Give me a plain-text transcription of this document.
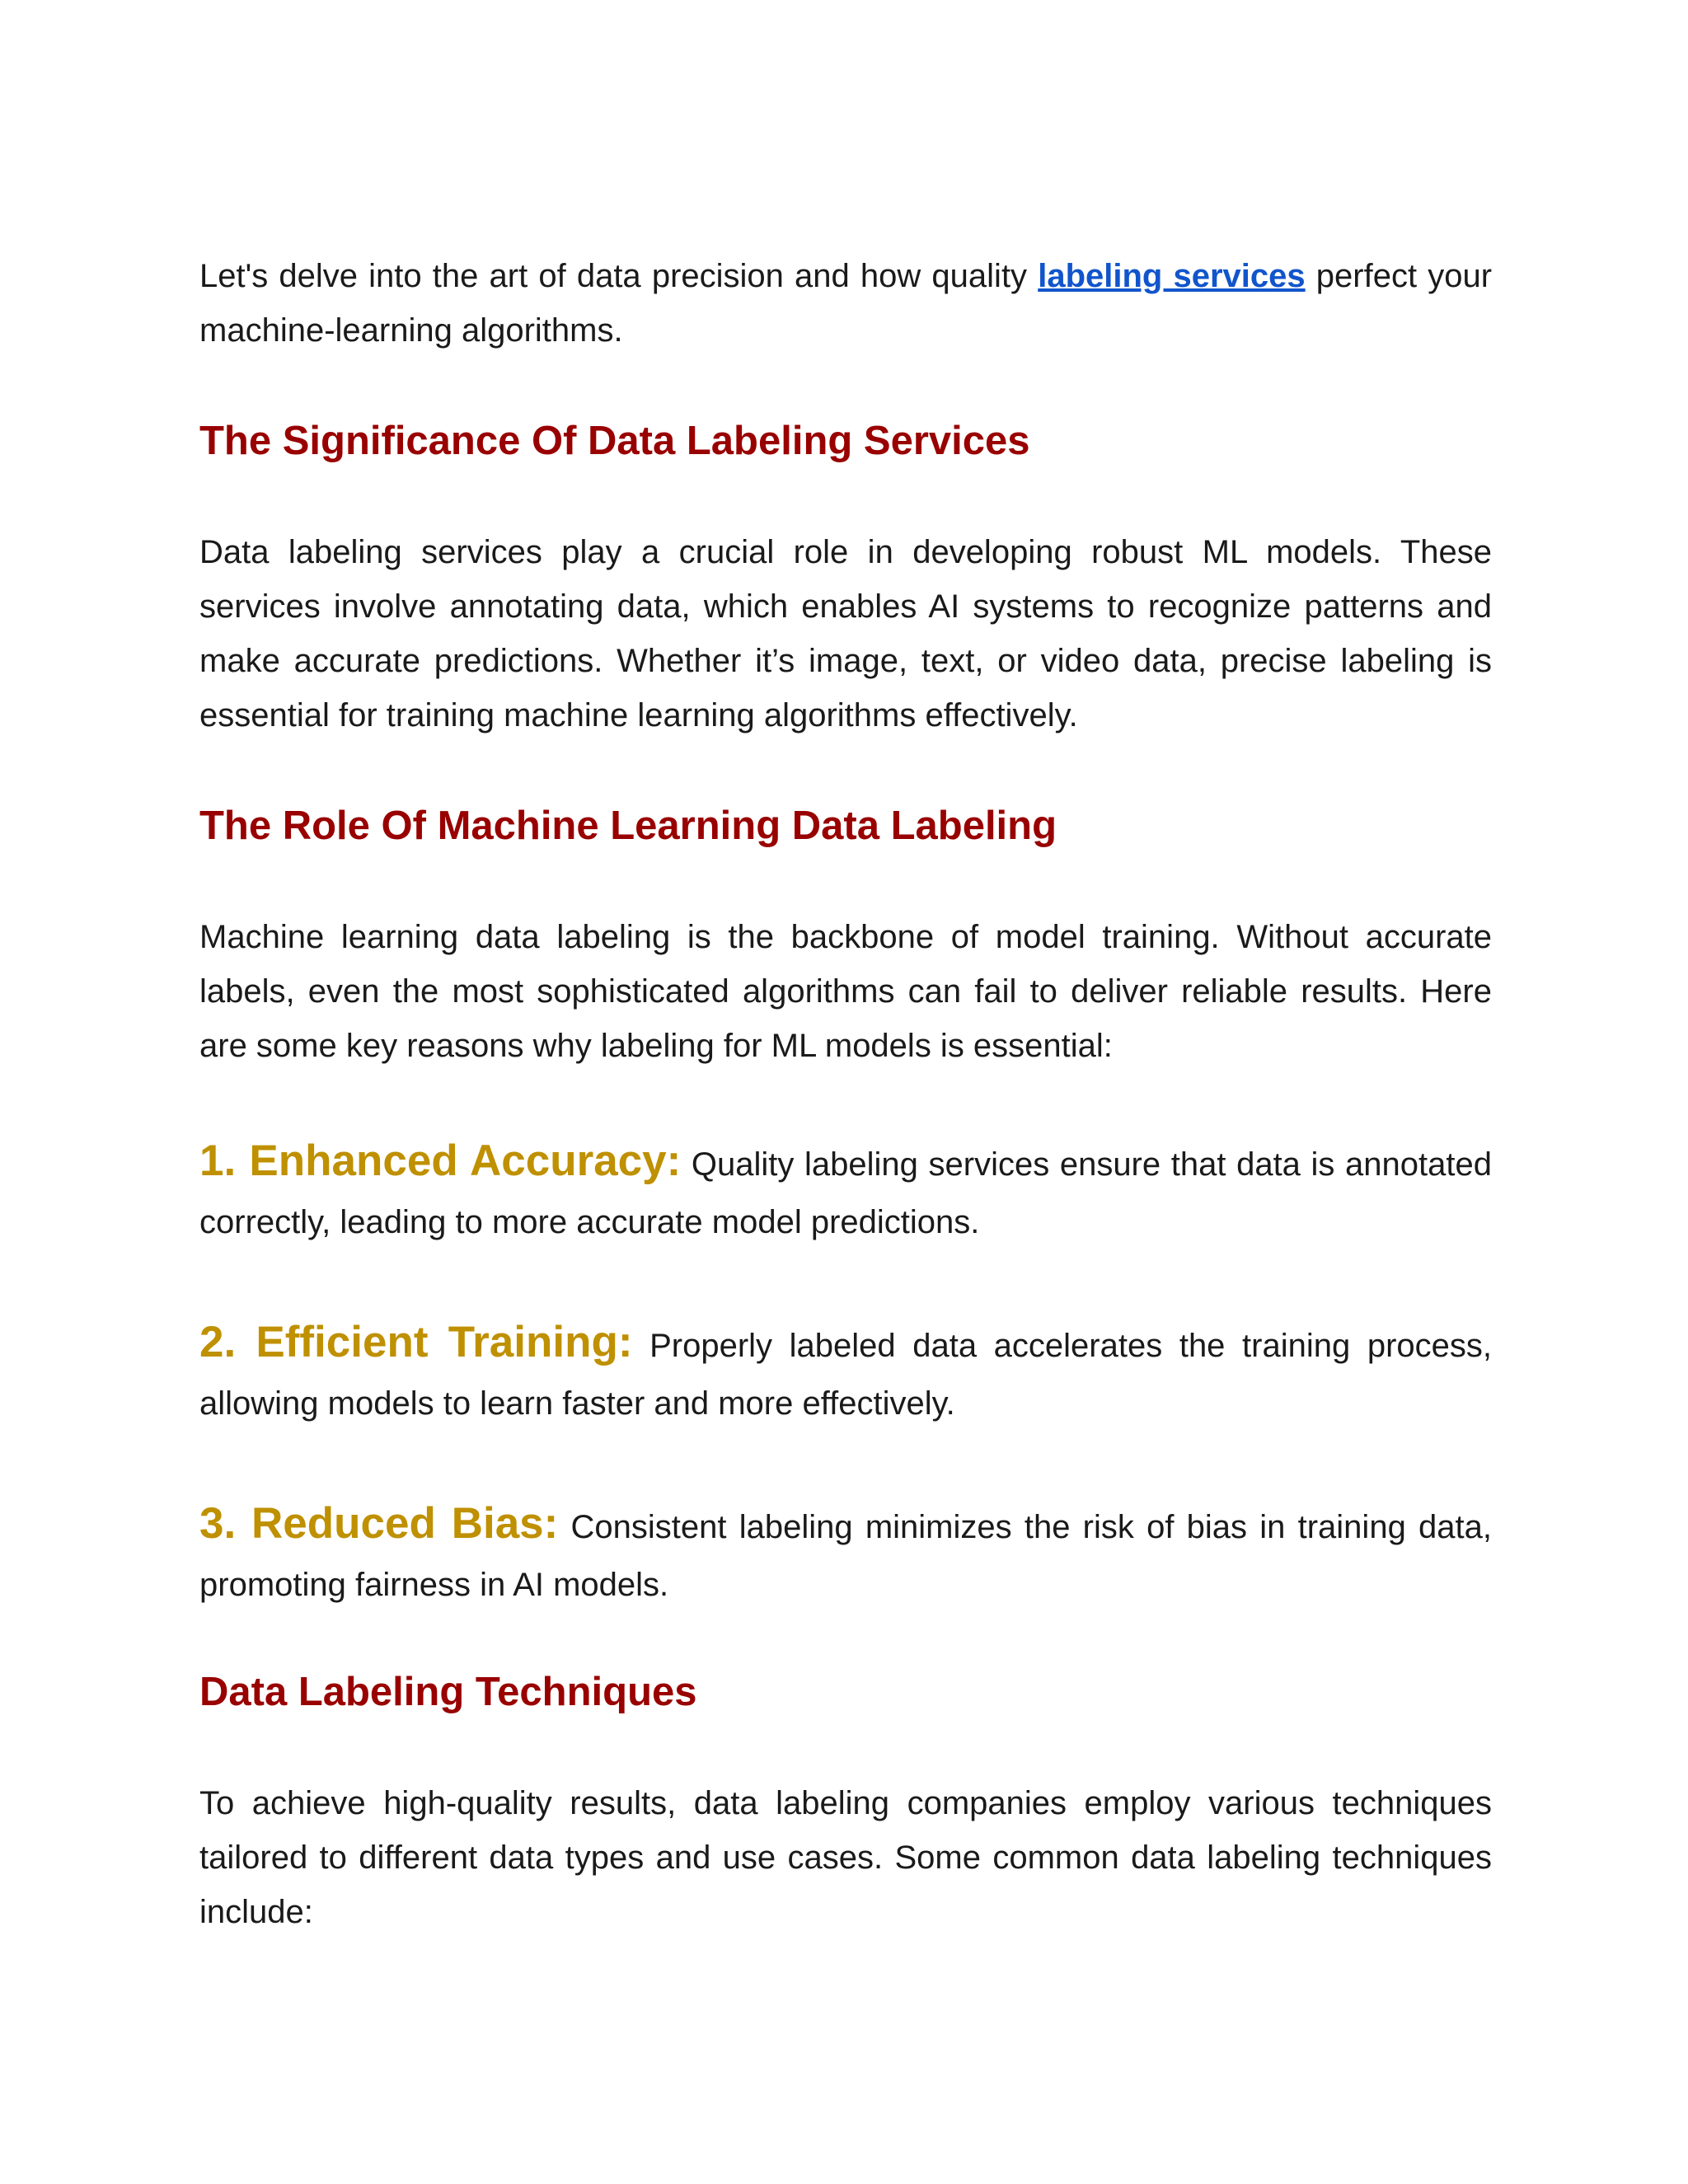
Let's delve into the art of data precision and how quality labeling services perfect your machine-learning algorithms.

The Significance Of Data Labeling Services

Data labeling services play a crucial role in developing robust ML models. These services involve annotating data, which enables AI systems to recognize patterns and make accurate predictions. Whether it’s image, text, or video data, precise labeling is essential for training machine learning algorithms effectively.

The Role Of Machine Learning Data Labeling

Machine learning data labeling is the backbone of model training. Without accurate labels, even the most sophisticated algorithms can fail to deliver reliable results. Here are some key reasons why labeling for ML models is essential:

1. Enhanced Accuracy: Quality labeling services ensure that data is annotated correctly, leading to more accurate model predictions.

2. Efficient Training: Properly labeled data accelerates the training process, allowing models to learn faster and more effectively.

3. Reduced Bias: Consistent labeling minimizes the risk of bias in training data, promoting fairness in AI models.

Data Labeling Techniques

To achieve high-quality results, data labeling companies employ various techniques tailored to different data types and use cases. Some common data labeling techniques include:
